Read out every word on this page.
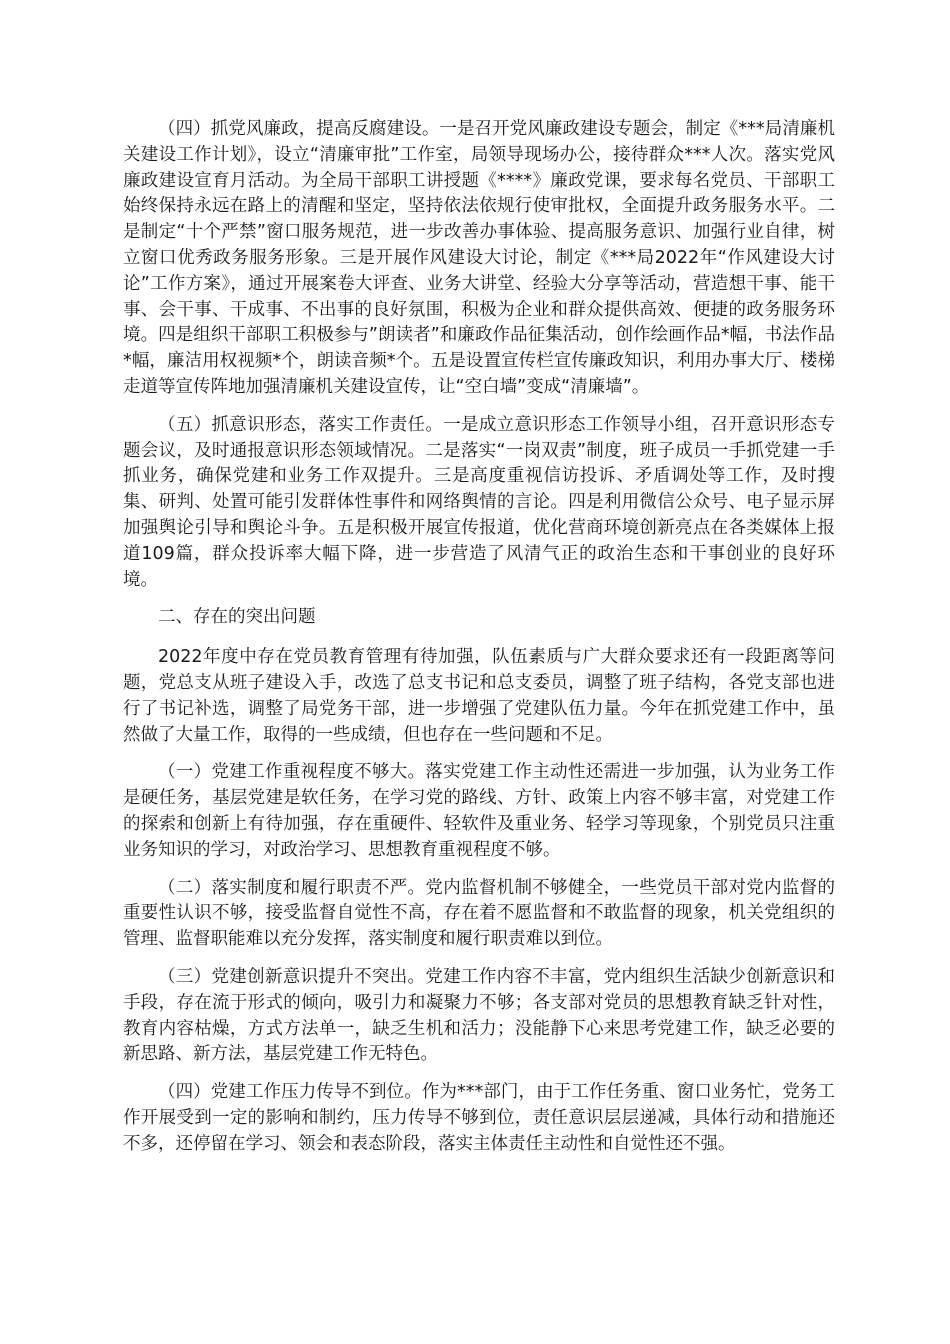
（四）抓党风廉政，提高反腐建设。一是召开党风廉政建设专题会，制定《***局清廉机关建设工作计划》，设立“清廉审批”工作室，局领导现场办公，接待群众***人次。落实党风廉政建设宣育月活动。为全局干部职工讲授题《****》廉政党课，要求每名党员、干部职工始终保持永远在路上的清醒和坚定，坚持依法依规行使审批权，全面提升政务服务水平。二是制定“十个严禁”窗口服务规范，进一步改善办事体验、提高服务意识、加强行业自律，树立窗口优秀政务服务形象。三是开展作风建设大讨论，制定《***局2022年“作风建设大讨论”工作方案》，通过开展案卷大评查、业务大讲堂、经验大分享等活动，营造想干事、能干事、会干事、干成事、不出事的良好氛围，积极为企业和群众提供高效、便捷的政务服务环境。四是组织干部职工积极参与”朗读者”和廉政作品征集活动，创作绘画作品*幅，书法作品*幅，廉洁用权视频*个，朗读音频*个。五是设置宣传栏宣传廉政知识，利用办事大厅、楼梯走道等宣传阵地加强清廉机关建设宣传，让“空白墙”变成“清廉墙”。

（五）抓意识形态，落实工作责任。一是成立意识形态工作领导小组，召开意识形态专题会议，及时通报意识形态领域情况。二是落实“一岗双责”制度，班子成员一手抓党建一手抓业务，确保党建和业务工作双提升。三是高度重视信访投诉、矛盾调处等工作，及时搜集、研判、处置可能引发群体性事件和网络舆情的言论。四是利用微信公众号、电子显示屏加强舆论引导和舆论斗争。五是积极开展宣传报道，优化营商环境创新亮点在各类媒体上报道109篇，群众投诉率大幅下降，进一步营造了风清气正的政治生态和干事创业的良好环境。

二、存在的突出问题

2022年度中存在党员教育管理有待加强，队伍素质与广大群众要求还有一段距离等问题，党总支从班子建设入手，改选了总支书记和总支委员，调整了班子结构，各党支部也进行了书记补选，调整了局党务干部，进一步增强了党建队伍力量。今年在抓党建工作中，虽然做了大量工作，取得的一些成绩，但也存在一些问题和不足。

（一）党建工作重视程度不够大。落实党建工作主动性还需进一步加强，认为业务工作是硬任务，基层党建是软任务，在学习党的路线、方针、政策上内容不够丰富，对党建工作的探索和创新上有待加强，存在重硬件、轻软件及重业务、轻学习等现象，个别党员只注重业务知识的学习，对政治学习、思想教育重视程度不够。

（二）落实制度和履行职责不严。党内监督机制不够健全，一些党员干部对党内监督的重要性认识不够，接受监督自觉性不高，存在着不愿监督和不敢监督的现象，机关党组织的管理、监督职能难以充分发挥，落实制度和履行职责难以到位。

（三）党建创新意识提升不突出。党建工作内容不丰富，党内组织生活缺少创新意识和手段，存在流于形式的倾向，吸引力和凝聚力不够；各支部对党员的思想教育缺乏针对性，教育内容枯燥，方式方法单一，缺乏生机和活力；没能静下心来思考党建工作，缺乏必要的新思路、新方法，基层党建工作无特色。

（四）党建工作压力传导不到位。作为***部门，由于工作任务重、窗口业务忙，党务工作开展受到一定的影响和制约，压力传导不够到位，责任意识层层递减，具体行动和措施还不多，还停留在学习、领会和表态阶段，落实主体责任主动性和自觉性还不强。
